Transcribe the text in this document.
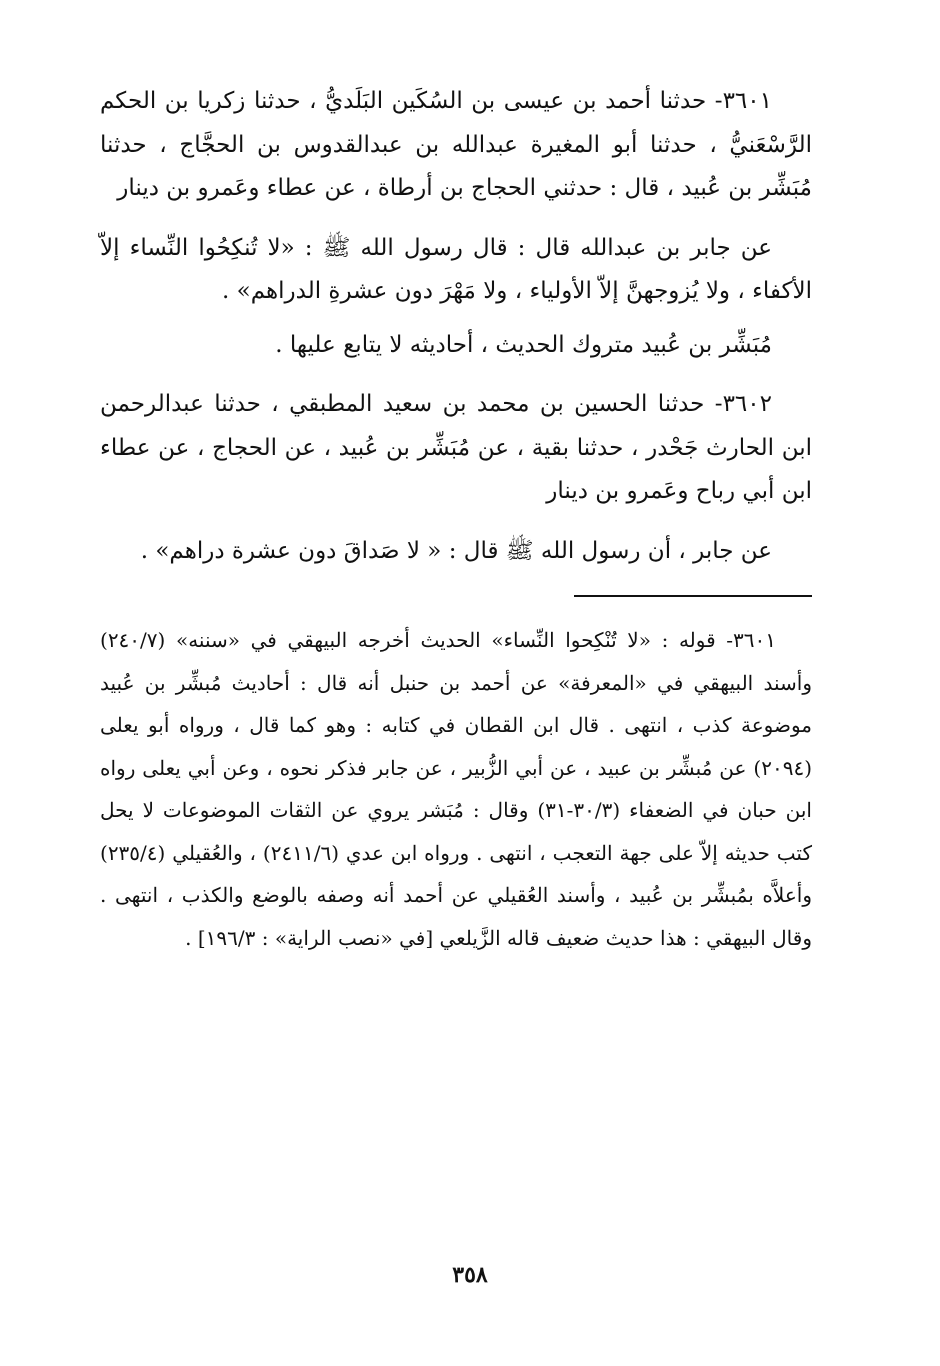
٣٦٠١- حدثنا أحمد بن عيسى بن السُكَين البَلَديُّ ، حدثنا زكريا بن الحكم الرَّسْعَنيُّ ، حدثنا أبو المغيرة عبدالله بن عبدالقدوس بن الحجَّاج ، حدثنا مُبَشِّر بن عُبيد ، قال : حدثني الحجاج بن أرطاة ، عن عطاء وعَمرو بن دينار

عن جابر بن عبدالله قال : قال رسول الله ﷺ : «لا تُنكِحُوا النِّساء إلاّ الأكفاء ، ولا يُزوجهنَّ إلاّ الأولياء ، ولا مَهْرَ دون عشرةِ الدراهم» .

مُبَشِّر بن عُبيد متروك الحديث ، أحاديثه لا يتابع عليها .

٣٦٠٢- حدثنا الحسين بن محمد بن سعيد المطبقي ، حدثنا عبدالرحمن ابن الحارث جَحْدر ، حدثنا بقية ، عن مُبَشِّر بن عُبيد ، عن الحجاج ، عن عطاء ابن أبي رباح وعَمرو بن دينار

عن جابر ، أن رسول الله ﷺ قال : « لا صَداقَ دون عشرة دراهم» .

٣٦٠١- قوله : «لا تُنْكِحوا النِّساء» الحديث أخرجه البيهقي في «سننه» (٢٤٠/٧) وأسند البيهقي في «المعرفة» عن أحمد بن حنبل أنه قال : أحاديث مُبشِّر بن عُبيد موضوعة كذب ، انتهى . قال ابن القطان في كتابه : وهو كما قال ، ورواه أبو يعلى (٢٠٩٤) عن مُبشِّر بن عبيد ، عن أبي الزُّبير ، عن جابر فذكر نحوه ، وعن أبي يعلى رواه ابن حبان في الضعفاء (٣٠/٣-٣١) وقال : مُبَشر يروي عن الثقات الموضوعات لا يحل كتب حديثه إلاّ على جهة التعجب ، انتهى . ورواه ابن عدي (٢٤١١/٦) ، والعُقيلي (٢٣٥/٤) وأعلاَّه بمُبشِّر بن عُبيد ، وأسند العُقيلي عن أحمد أنه وصفه بالوضع والكذب ، انتهى . وقال البيهقي : هذا حديث ضعيف قاله الزَّيلعي [في «نصب الراية» : ١٩٦/٣] .

٣٥٨
